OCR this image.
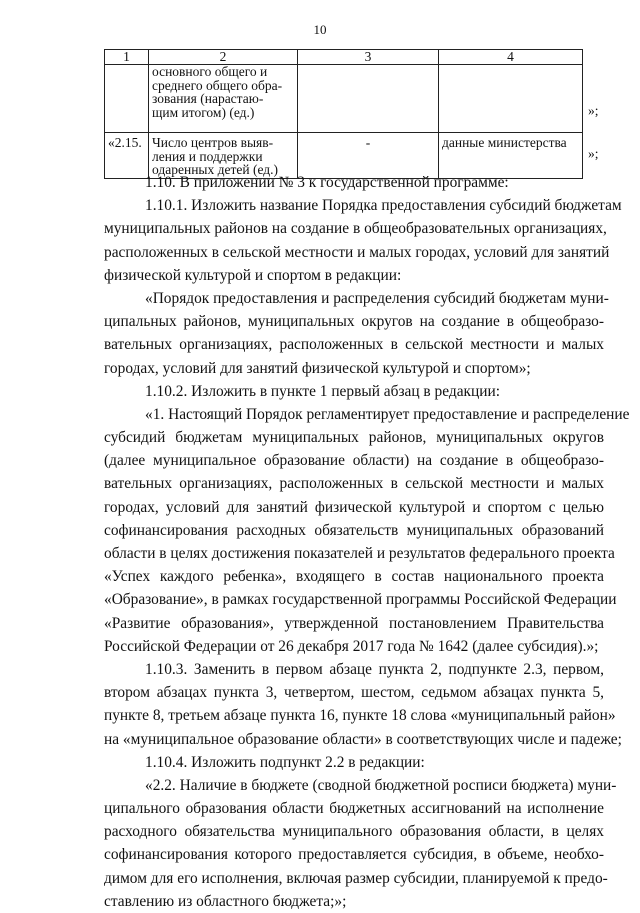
10
1	2	3	4

	основного общего и
среднего общего обра-
зования (нарастаю-
щим итогом) (ед.)		

«2.15.	Число центров выяв-
ления и поддержки
одаренных детей (ед.)	-	данные министерства
»;
»;
1.10. В приложении № 3 к государственной программе:
1.10.1. Изложить название Порядка предоставления субсидий бюджетам
муниципальных районов на создание в общеобразовательных организациях,
расположенных в сельской местности и малых городах, условий для занятий
физической культурой и спортом в редакции:
«Порядок предоставления и распределения субсидий бюджетам муни-
ципальных районов, муниципальных округов на создание в общеобразо-
вательных организациях, расположенных в сельской местности и малых
городах, условий для занятий физической культурой и спортом»;
1.10.2. Изложить в пункте 1 первый абзац в редакции:
«1. Настоящий Порядок регламентирует предоставление и распределение
субсидий бюджетам муниципальных районов, муниципальных округов
(далее муниципальное образование области) на создание в общеобразо-
вательных организациях, расположенных в сельской местности и малых
городах, условий для занятий физической культурой и спортом с целью
софинансирования расходных обязательств муниципальных образований
области в целях достижения показателей и результатов федерального проекта
«Успех каждого ребенка», входящего в состав национального проекта
«Образование», в рамках государственной программы Российской Федерации
«Развитие образования», утвержденной постановлением Правительства
Российской Федерации от 26 декабря 2017 года № 1642 (далее субсидия).»;
1.10.3. Заменить в первом абзаце пункта 2, подпункте 2.3, первом,
втором абзацах пункта 3, четвертом, шестом, седьмом абзацах пункта 5,
пункте 8, третьем абзаце пункта 16, пункте 18 слова «муниципальный район»
на «муниципальное образование области» в соответствующих числе и падеже;
1.10.4. Изложить подпункт 2.2 в редакции:
«2.2. Наличие в бюджете (сводной бюджетной росписи бюджета) муни-
ципального образования области бюджетных ассигнований на исполнение
расходного обязательства муниципального образования области, в целях
софинансирования которого предоставляется субсидия, в объеме, необхо-
димом для его исполнения, включая размер субсидии, планируемой к предо-
ставлению из областного бюджета;»;
